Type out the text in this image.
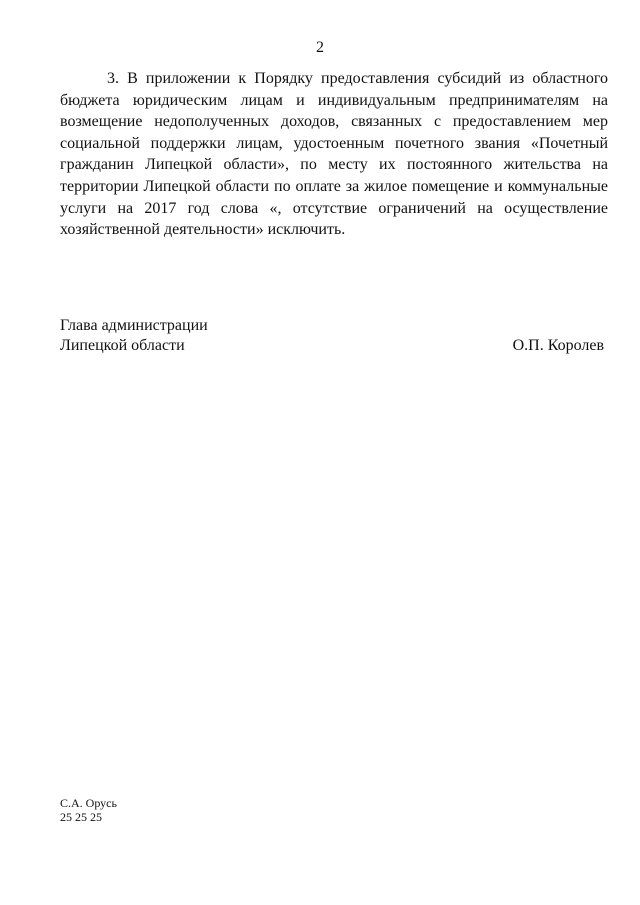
2

3. В приложении к Порядку предоставления субсидий из областного бюджета юридическим лицам и индивидуальным предпринимателям на возмещение недополученных доходов, связанных с предоставлением мер социальной поддержки лицам, удостоенным почетного звания «Почетный гражданин Липецкой области», по месту их постоянного жительства на территории Липецкой области по оплате за жилое помещение и коммунальные услуги на 2017 год слова «, отсутствие ограничений на осуществление хозяйственной деятельности» исключить.

Глава администрации
Липецкой области	О.П. Королев
С.А. Орусь
25 25 25
